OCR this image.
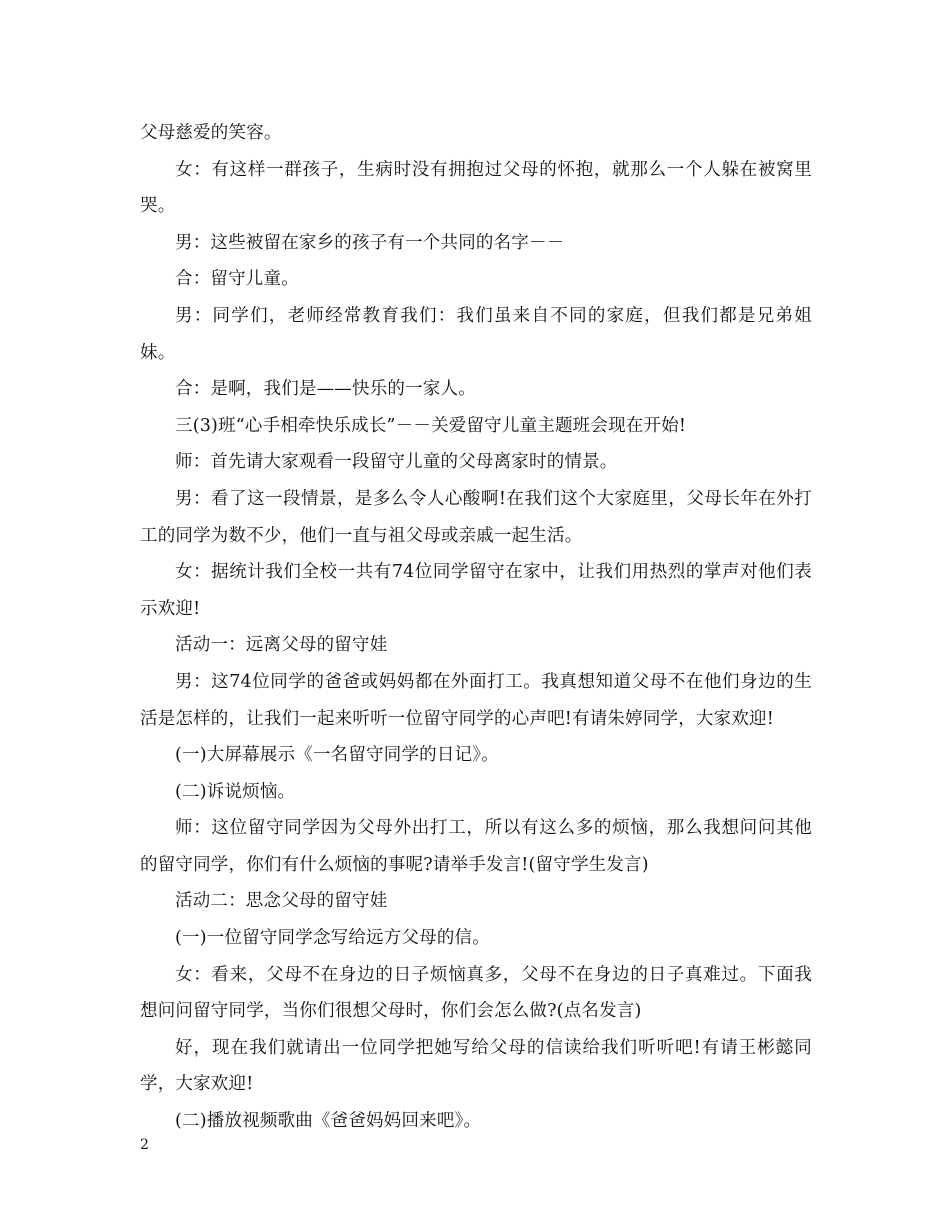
父母慈爱的笑容。

女：有这样一群孩子，生病时没有拥抱过父母的怀抱，就那么一个人躲在被窝里哭。

男：这些被留在家乡的孩子有一个共同的名字－－

合：留守儿童。

男：同学们，老师经常教育我们：我们虽来自不同的家庭，但我们都是兄弟姐妹。

合：是啊，我们是——快乐的一家人。

三(3)班“心手相牵快乐成长”－－关爱留守儿童主题班会现在开始!

师：首先请大家观看一段留守儿童的父母离家时的情景。

男：看了这一段情景，是多么令人心酸啊!在我们这个大家庭里，父母长年在外打工的同学为数不少，他们一直与祖父母或亲戚一起生活。

女：据统计我们全校一共有74位同学留守在家中，让我们用热烈的掌声对他们表示欢迎!

活动一：远离父母的留守娃

男：这74位同学的爸爸或妈妈都在外面打工。我真想知道父母不在他们身边的生活是怎样的，让我们一起来听听一位留守同学的心声吧!有请朱婷同学，大家欢迎!

(一)大屏幕展示《一名留守同学的日记》。

(二)诉说烦恼。

师：这位留守同学因为父母外出打工，所以有这么多的烦恼，那么我想问问其他的留守同学，你们有什么烦恼的事呢?请举手发言!(留守学生发言)

活动二：思念父母的留守娃

(一)一位留守同学念写给远方父母的信。

女：看来，父母不在身边的日子烦恼真多，父母不在身边的日子真难过。下面我想问问留守同学，当你们很想父母时，你们会怎么做?(点名发言)

好，现在我们就请出一位同学把她写给父母的信读给我们听听吧!有请王彬懿同学，大家欢迎!

(二)播放视频歌曲《爸爸妈妈回来吧》。

2
